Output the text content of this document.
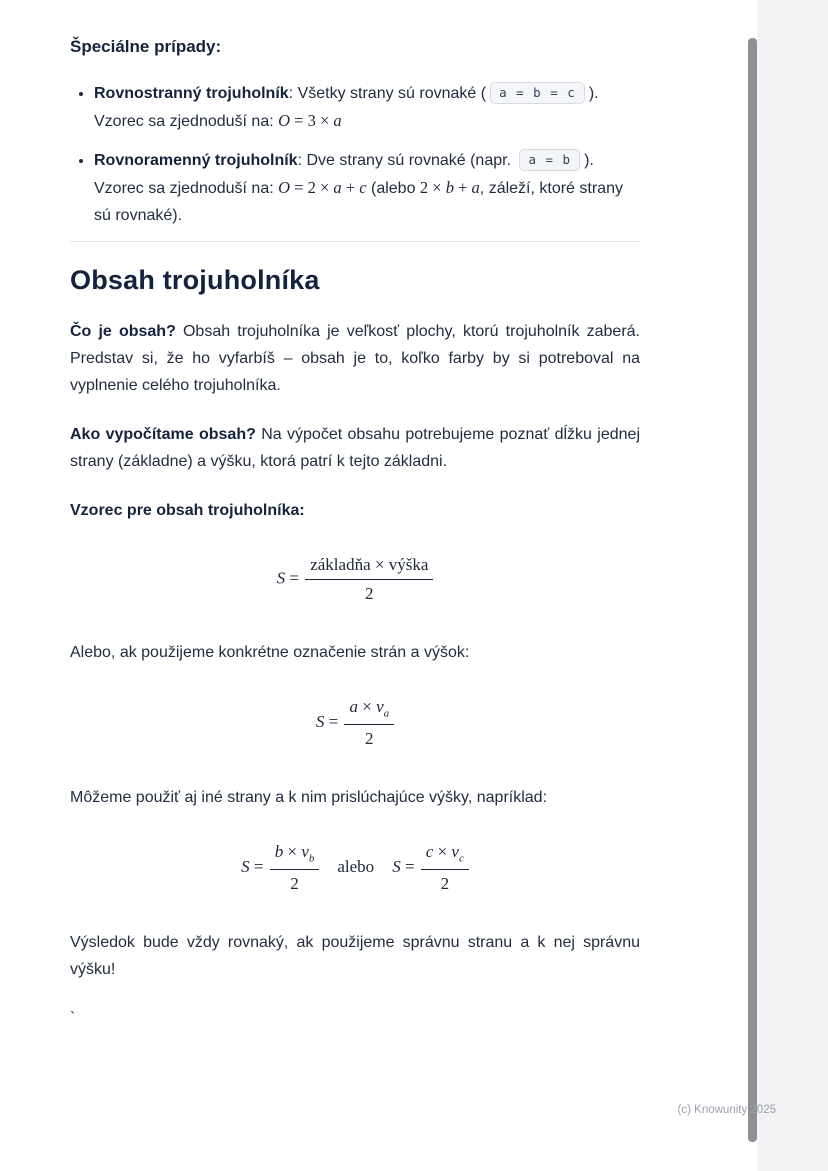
Špeciálne prípady:

• Rovnostranný trojuholník: Všetky strany sú rovnaké ( a = b = c ).

Vzorec sa zjednoduší na: O = 3 × a

• Rovnoramenný trojuholník: Dve strany sú rovnaké (napr. a = b ).

Vzorec sa zjednoduší na: O = 2 × a + c (alebo 2 × b + a, záleží, ktoré strany sú rovnaké).

Obsah trojuholníka

Čo je obsah? Obsah trojuholníka je veľkosť plochy, ktorú trojuholník zaberá. Predstav si, že ho vyfarbíš – obsah je to, koľko farby by si potreboval na vyplnenie celého trojuholníka.

Ako vypočítame obsah? Na výpočet obsahu potrebujeme poznať dĺžku jednej strany (základne) a výšku, ktorá patrí k tejto základni.

Vzorec pre obsah trojuholníka:

$S = \frac{\text{základňa × výška}}{2}$

Alebo, ak použijeme konkrétne označenie strán a výšok:

$S = \frac{a \times v_a}{2}$

Môžeme použiť aj iné strany a k nim prislúchajúce výšky, napríklad:

$S = \frac{b \times v_b}{2}$ alebo $S = \frac{c \times v_c}{2}$

Výsledok bude vždy rovnaký, ak použijeme správnu stranu a k nej správnu výšku!

`

(c) Knowunity 2025
